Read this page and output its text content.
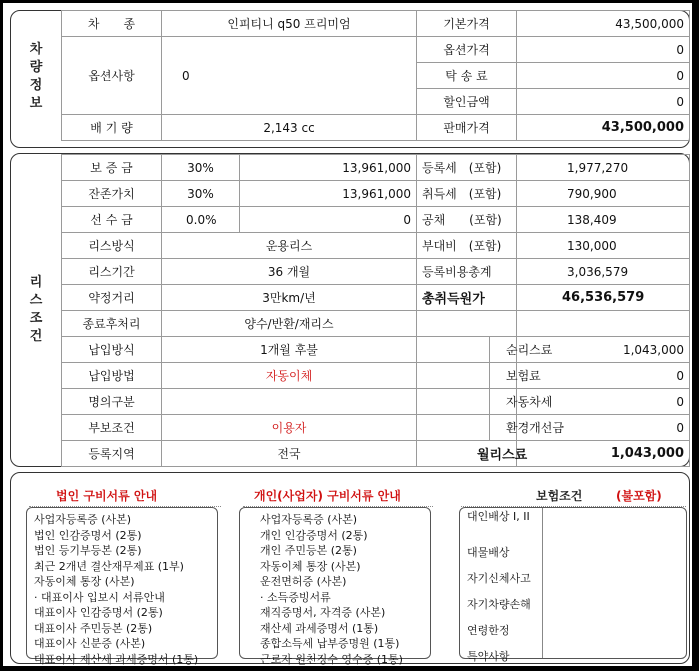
차량정보
차　　종	인피티니 q50 프리미엄	기본가격	43,500,000
옵션사항	0	옵션가격	0
		탁 송 료	0
		할인금액	0
배 기 량	2,143 cc	판매가격	43,500,000
리스조건
보 증 금	30%	13,961,000	등록세　(포함)		1,977,270
잔존가치	30%	13,961,000	취득세　(포함)		790,900
선 수 금	0.0%	0	공채　　(포함)		138,409
리스방식	운용리스		부대비　(포함)		130,000
리스기간	36 개월		등록비용총계		3,036,579
약정거리	3만km/년		총취득원가		46,536,579
종료후처리	양수/반환/재리스				
납입방식	1개월 후불			순리스료	1,043,000
납입방법	자동이체			보험료	0
명의구분				자동차세	0
부보조건	이용자			환경개선금	0
등록지역	전국		월리스료		1,043,000
법인 구비서류 안내
사업자등록증 (사본)
법인 인감증명서 (2통)
법인 등기부등본 (2통)
최근 2개년 결산재무제표 (1부)
자동이체 통장 (사본)
· 대표이사 입보시 서류안내
대표이사 인감증명서 (2통)
대표이사 주민등본 (2통)
대표이사 신분증 (사본)
대표이사 재산세 과세증명서 (1통)
개인(사업자) 구비서류 안내
사업자등록증 (사본)
개인 인감증명서 (2통)
개인 주민등본 (2통)
자동이체 통장 (사본)
운전면허증 (사본)
· 소득증빙서류
재직증명서, 자격증 (사본)
재산세 과세증명서 (1통)
종합소득세 납부증명원 (1통)
근로자 원천징수 영수증 (1통)
보험조건	(불포함)
대인배상 I, II
대물배상
자기신체사고
자기차량손해
연령한정
특약사항
